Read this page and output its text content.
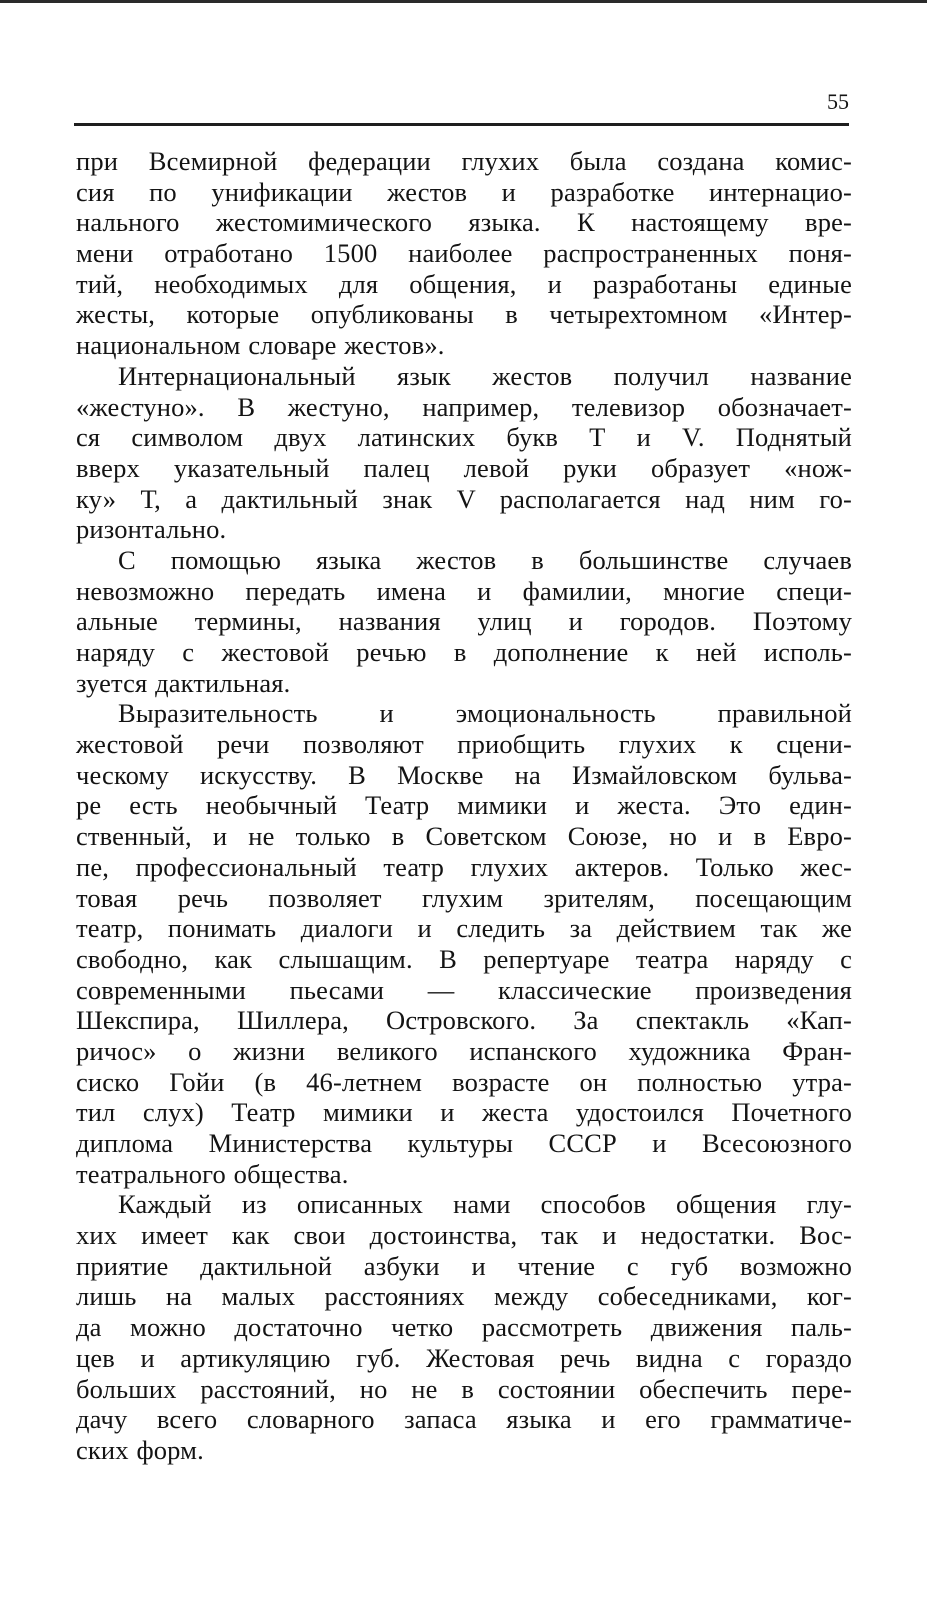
55
при Всемирной федерации глухих была создана комис-
сия по унификации жестов и разработке интернацио-
нального жестомимического языка. К настоящему вре-
мени отработано 1500 наиболее распространенных поня-
тий, необходимых для общения, и разработаны единые
жесты, которые опубликованы в четырехтомном «Интер-
национальном словаре жестов».
Интернациональный язык жестов получил название
«жестуно». В жестуно, например, телевизор обозначает-
ся символом двух латинских букв Т и V. Поднятый
вверх указательный палец левой руки образует «нож-
ку» Т, а дактильный знак V располагается над ним го-
ризонтально.
С помощью языка жестов в большинстве случаев
невозможно передать имена и фамилии, многие специ-
альные термины, названия улиц и городов. Поэтому
наряду с жестовой речью в дополнение к ней исполь-
зуется дактильная.
Выразительность и эмоциональность правильной
жестовой речи позволяют приобщить глухих к сцени-
ческому искусству. В Москве на Измайловском бульва-
ре есть необычный Театр мимики и жеста. Это един-
ственный, и не только в Советском Союзе, но и в Евро-
пе, профессиональный театр глухих актеров. Только жес-
товая речь позволяет глухим зрителям, посещающим
театр, понимать диалоги и следить за действием так же
свободно, как слышащим. В репертуаре театра наряду с
современными пьесами — классические произведения
Шекспира, Шиллера, Островского. За спектакль «Кап-
ричос» о жизни великого испанского художника Фран-
сиско Гойи (в 46-летнем возрасте он полностью утра-
тил слух) Театр мимики и жеста удостоился Почетного
диплома Министерства культуры СССР и Всесоюзного
театрального общества.
Каждый из описанных нами способов общения глу-
хих имеет как свои достоинства, так и недостатки. Вос-
приятие дактильной азбуки и чтение с губ возможно
лишь на малых расстояниях между собеседниками, ког-
да можно достаточно четко рассмотреть движения паль-
цев и артикуляцию губ. Жестовая речь видна с гораздо
больших расстояний, но не в состоянии обеспечить пере-
дачу всего словарного запаса языка и его грамматиче-
ских форм.
